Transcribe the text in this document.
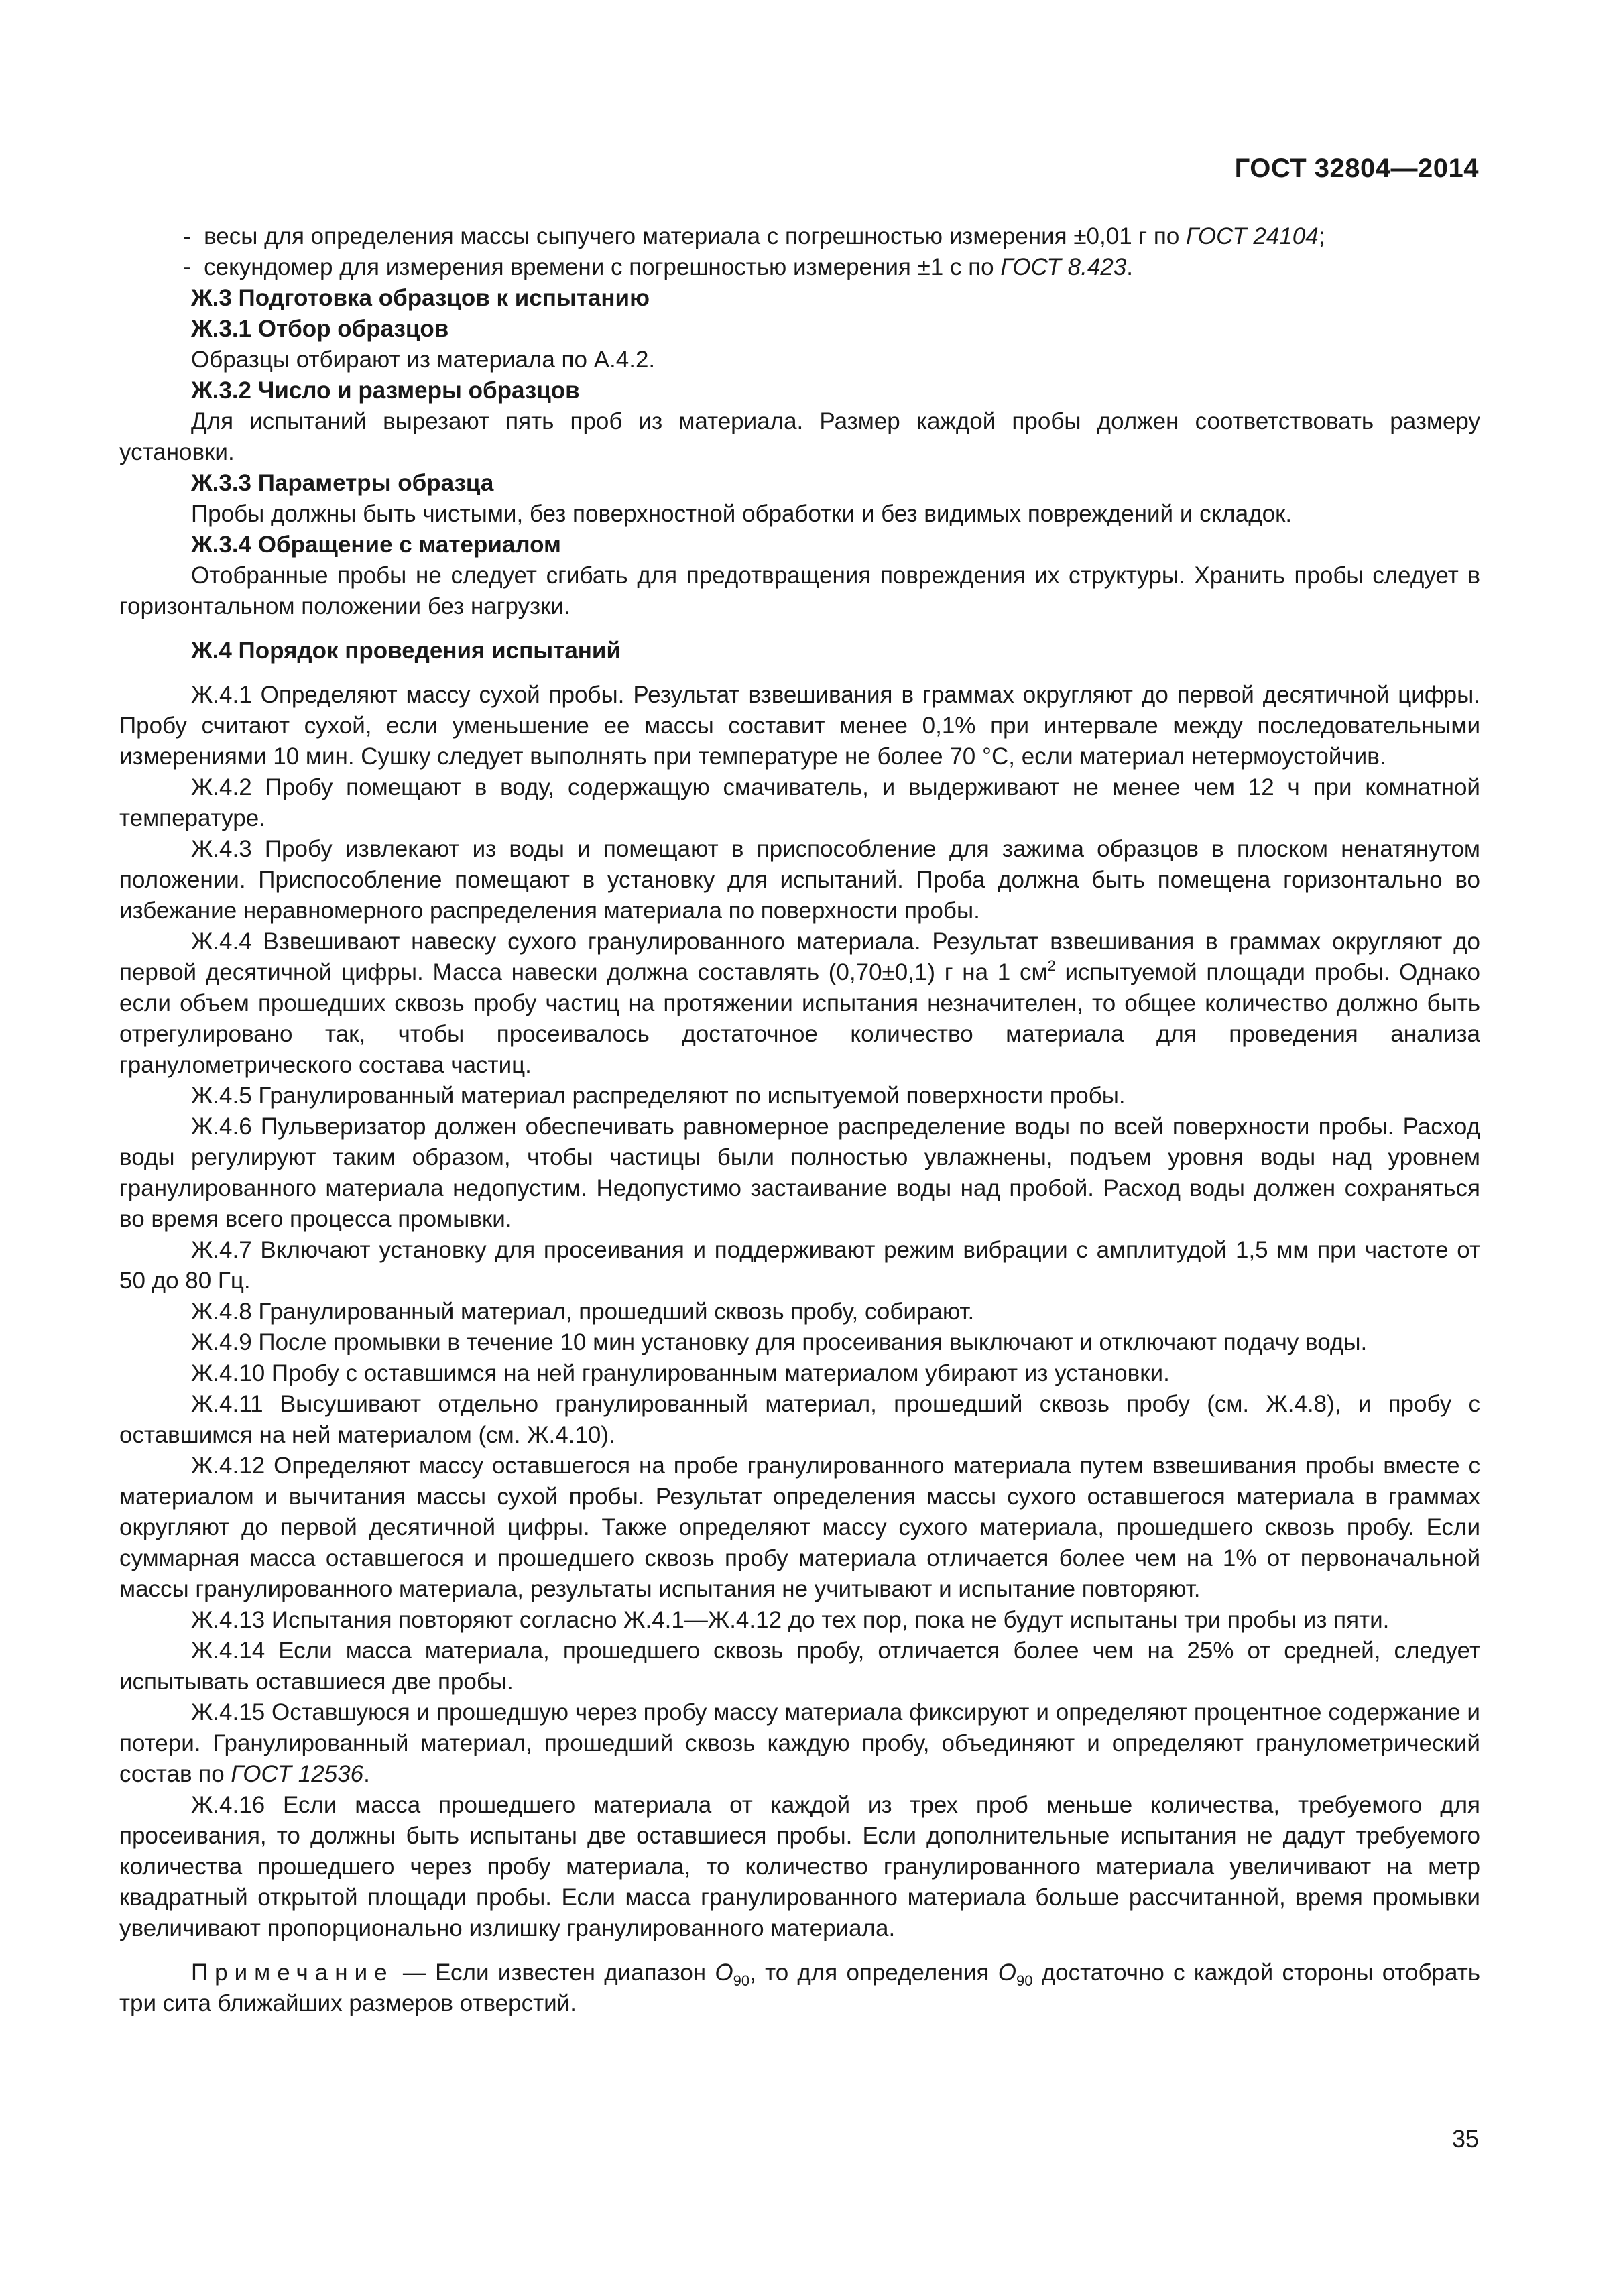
ГОСТ 32804—2014

- весы для определения массы сыпучего материала с погрешностью измерения ±0,01 г по ГОСТ 24104;

- секундомер для измерения времени с погрешностью измерения ±1 с по ГОСТ 8.423.

Ж.3 Подготовка образцов к испытанию

Ж.3.1 Отбор образцов

Образцы отбирают из материала по А.4.2.

Ж.3.2 Число и размеры образцов

Для испытаний вырезают пять проб из материала. Размер каждой пробы должен соответствовать размеру установки.

Ж.3.3 Параметры образца

Пробы должны быть чистыми, без поверхностной обработки и без видимых повреждений и складок.

Ж.3.4 Обращение с материалом

Отобранные пробы не следует сгибать для предотвращения повреждения их структуры. Хранить пробы следует в горизонтальном положении без нагрузки.

Ж.4 Порядок проведения испытаний

Ж.4.1 Определяют массу сухой пробы. Результат взвешивания в граммах округляют до первой десятичной цифры. Пробу считают сухой, если уменьшение ее массы составит менее 0,1% при интервале между последовательными измерениями 10 мин. Сушку следует выполнять при температуре не более 70 °С, если материал нетермоустойчив.

Ж.4.2 Пробу помещают в воду, содержащую смачиватель, и выдерживают не менее чем 12 ч при комнатной температуре.

Ж.4.3 Пробу извлекают из воды и помещают в приспособление для зажима образцов в плоском ненатянутом положении. Приспособление помещают в установку для испытаний. Проба должна быть помещена горизонтально во избежание неравномерного распределения материала по поверхности пробы.

Ж.4.4 Взвешивают навеску сухого гранулированного материала. Результат взвешивания в граммах округляют до первой десятичной цифры. Масса навески должна составлять (0,70±0,1) г на 1 $см^2$ испытуемой площади пробы. Однако если объем прошедших сквозь пробу частиц на протяжении испытания незначителен, то общее количество должно быть отрегулировано так, чтобы просеивалось достаточное количество материала для проведения анализа гранулометрического состава частиц.

Ж.4.5 Гранулированный материал распределяют по испытуемой поверхности пробы.

Ж.4.6 Пульверизатор должен обеспечивать равномерное распределение воды по всей поверхности пробы. Расход воды регулируют таким образом, чтобы частицы были полностью увлажнены, подъем уровня воды над уровнем гранулированного материала недопустим. Недопустимо застаивание воды над пробой. Расход воды должен сохраняться во время всего процесса промывки.

Ж.4.7 Включают установку для просеивания и поддерживают режим вибрации с амплитудой 1,5 мм при частоте от 50 до 80 Гц.

Ж.4.8 Гранулированный материал, прошедший сквозь пробу, собирают.

Ж.4.9 После промывки в течение 10 мин установку для просеивания выключают и отключают подачу воды.

Ж.4.10 Пробу с оставшимся на ней гранулированным материалом убирают из установки.

Ж.4.11 Высушивают отдельно гранулированный материал, прошедший сквозь пробу (см. Ж.4.8), и пробу с оставшимся на ней материалом (см. Ж.4.10).

Ж.4.12 Определяют массу оставшегося на пробе гранулированного материала путем взвешивания пробы вместе с материалом и вычитания массы сухой пробы. Результат определения массы сухого оставшегося материала в граммах округляют до первой десятичной цифры. Также определяют массу сухого материала, прошедшего сквозь пробу. Если суммарная масса оставшегося и прошедшего сквозь пробу материала отличается более чем на 1% от первоначальной массы гранулированного материала, результаты испытания не учитывают и испытание повторяют.

Ж.4.13 Испытания повторяют согласно Ж.4.1—Ж.4.12 до тех пор, пока не будут испытаны три пробы из пяти.

Ж.4.14 Если масса материала, прошедшего сквозь пробу, отличается более чем на 25% от средней, следует испытывать оставшиеся две пробы.

Ж.4.15 Оставшуюся и прошедшую через пробу массу материала фиксируют и определяют процентное содержание и потери. Гранулированный материал, прошедший сквозь каждую пробу, объединяют и определяют гранулометрический состав по ГОСТ 12536.

Ж.4.16 Если масса прошедшего материала от каждой из трех проб меньше количества, требуемого для просеивания, то должны быть испытаны две оставшиеся пробы. Если дополнительные испытания не дадут требуемого количества прошедшего через пробу материала, то количество гранулированного материала увеличивают на метр квадратный открытой площади пробы. Если масса гранулированного материала больше рассчитанной, время промывки увеличивают пропорционально излишку гранулированного материала.

Примечание — Если известен диапазон $O_{90}$, то для определения $O_{90}$ достаточно с каждой стороны отобрать три сита ближайших размеров отверстий.

35
